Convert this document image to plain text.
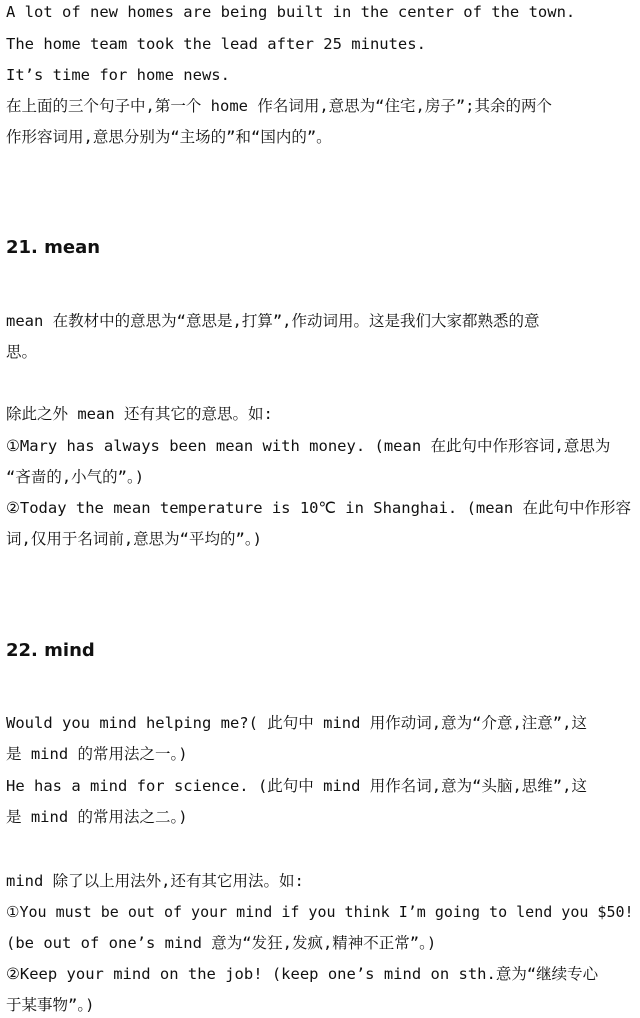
A lot of new homes are being built in the center of the town.
The home team took the lead after 25 minutes.
It’s time for home news.
在上面的三个句子中,第一个 home 作名词用,意思为“住宅,房子”;其余的两个
作形容词用,意思分别为“主场的”和“国内的”。
21. mean
mean 在教材中的意思为“意思是,打算”,作动词用。这是我们大家都熟悉的意
思。
除此之外 mean 还有其它的意思。如:
①Mary has always been mean with money. (mean 在此句中作形容词,意思为
“吝啬的,小气的”。)
②Today the mean temperature is 10℃ in Shanghai. (mean 在此句中作形容
词,仅用于名词前,意思为“平均的”。)
22. mind
Would you mind helping me?( 此句中 mind 用作动词,意为“介意,注意”,这
是 mind 的常用法之一。)
He has a mind for science. (此句中 mind 用作名词,意为“头脑,思维”,这
是 mind 的常用法之二。)
mind 除了以上用法外,还有其它用法。如:
①You must be out of your mind if you think I’m going to lend you $50!
(be out of one’s mind 意为“发狂,发疯,精神不正常”。)
②Keep your mind on the job! (keep one’s mind on sth.意为“继续专心
于某事物”。)
